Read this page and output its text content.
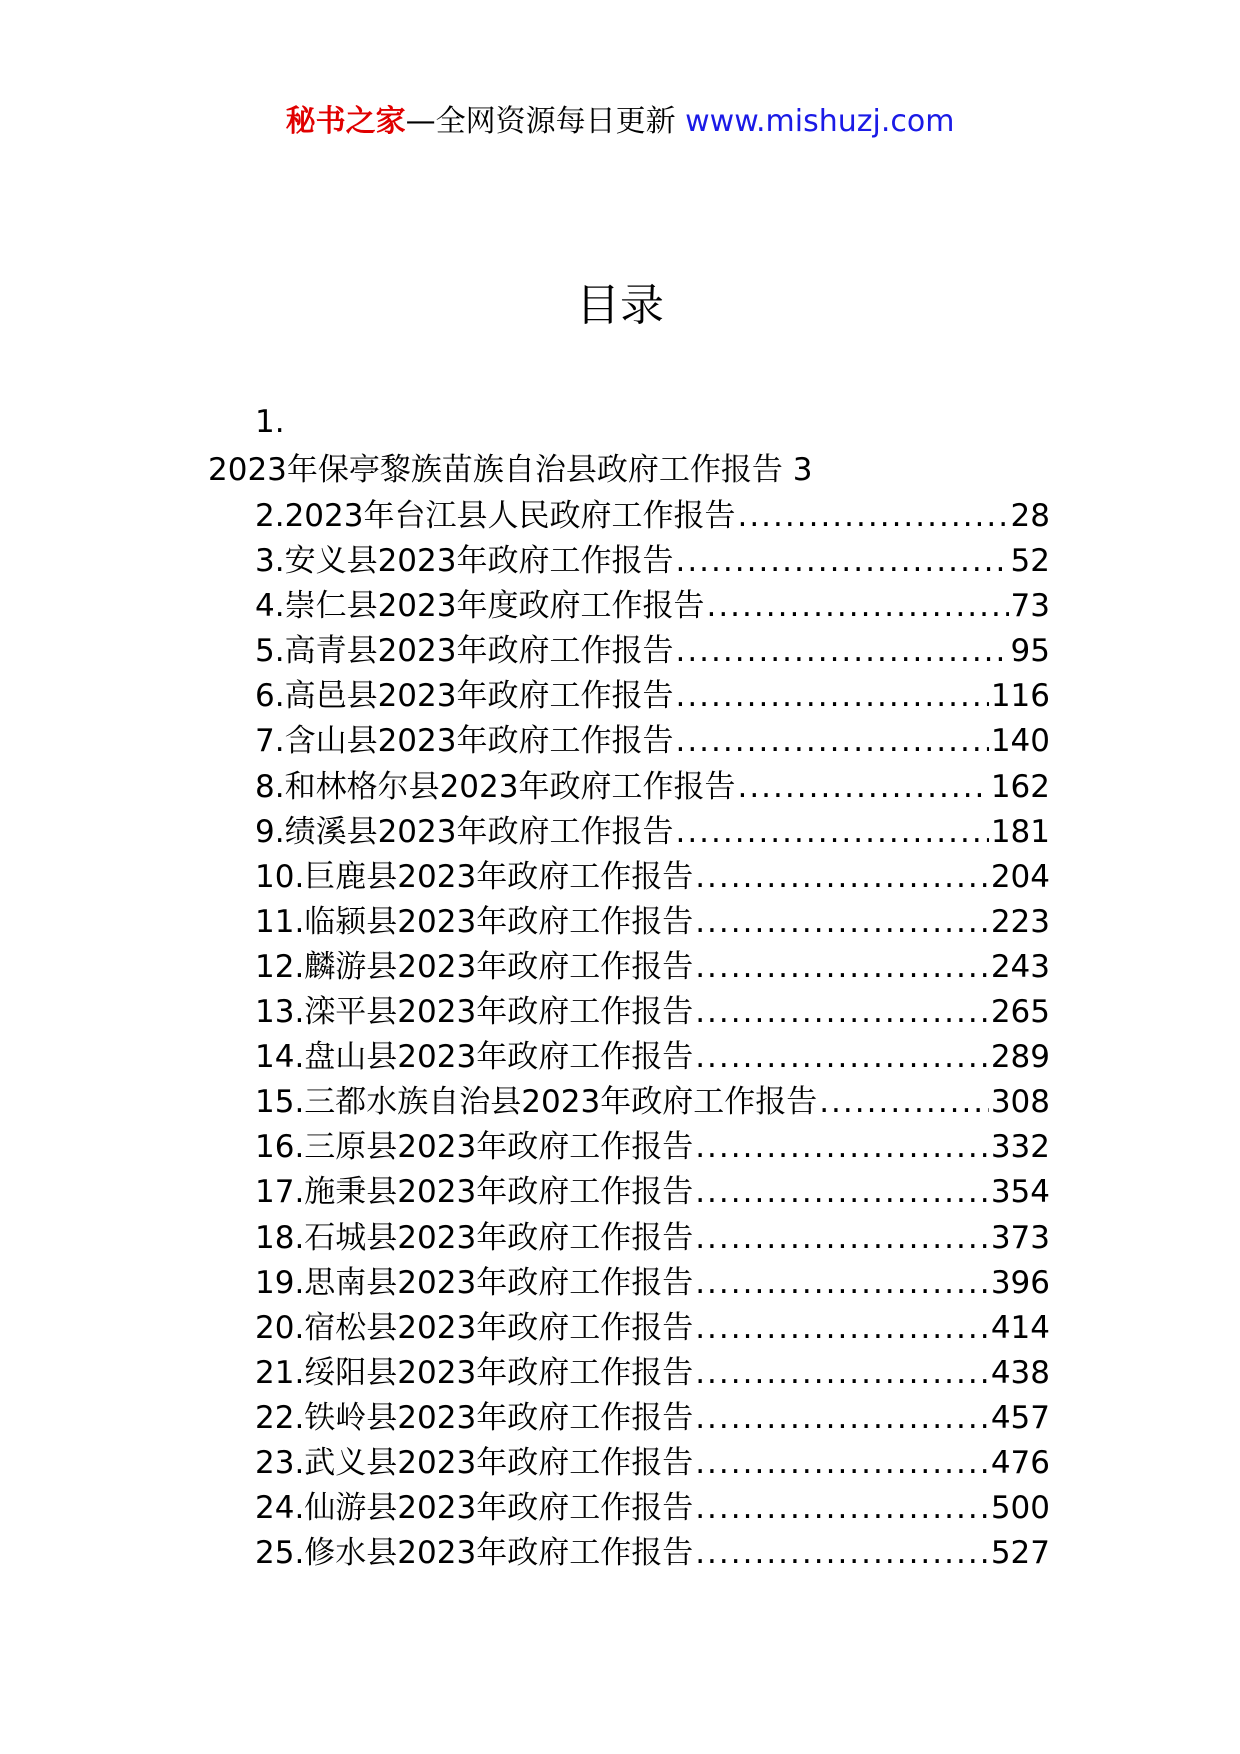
秘书之家—全网资源每日更新 www.mishuzj.com
目录
1.
2023年保亭黎族苗族自治县政府工作报告 3
2.2023年台江县人民政府工作报告 .....	28
3.安义县2023年政府工作报告 .....	52
4.崇仁县2023年度政府工作报告 .....	73
5.高青县2023年政府工作报告 .....	95
6.高邑县2023年政府工作报告 .....	116
7.含山县2023年政府工作报告 .....	140
8.和林格尔县2023年政府工作报告 .....	162
9.绩溪县2023年政府工作报告 .....	181
10.巨鹿县2023年政府工作报告 .....	204
11.临颍县2023年政府工作报告 .....	223
12.麟游县2023年政府工作报告 .....	243
13.滦平县2023年政府工作报告 .....	265
14.盘山县2023年政府工作报告 .....	289
15.三都水族自治县2023年政府工作报告 .....	308
16.三原县2023年政府工作报告 .....	332
17.施秉县2023年政府工作报告 .....	354
18.石城县2023年政府工作报告 .....	373
19.思南县2023年政府工作报告 .....	396
20.宿松县2023年政府工作报告 .....	414
21.绥阳县2023年政府工作报告 .....	438
22.铁岭县2023年政府工作报告 .....	457
23.武义县2023年政府工作报告 .....	476
24.仙游县2023年政府工作报告 .....	500
25.修水县2023年政府工作报告 .....	527
